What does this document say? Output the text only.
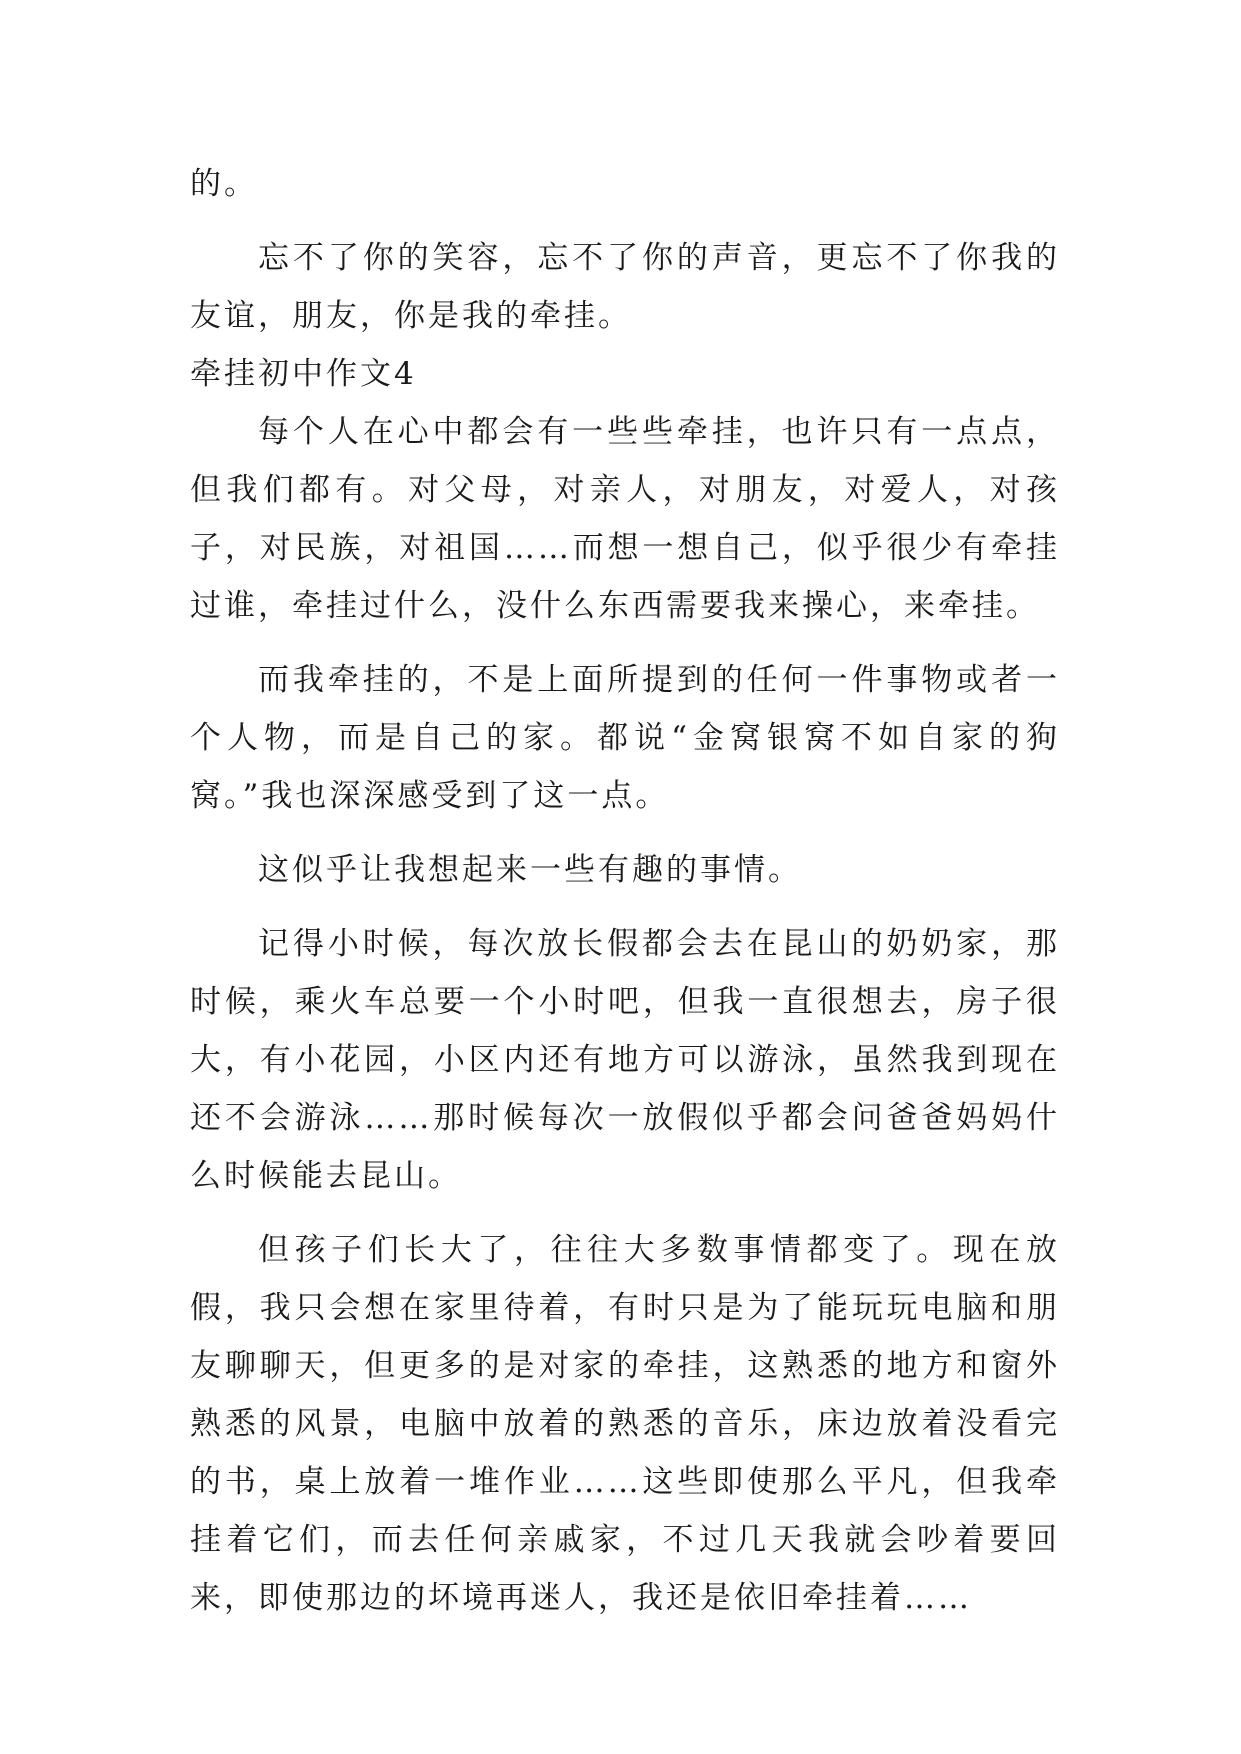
的。

忘不了你的笑容，忘不了你的声音，更忘不了你我的友谊，朋友，你是我的牵挂。

牵挂初中作文4

每个人在心中都会有一些些牵挂，也许只有一点点，但我们都有。对父母，对亲人，对朋友，对爱人，对孩子，对民族，对祖国……而想一想自己，似乎很少有牵挂过谁，牵挂过什么，没什么东西需要我来操心，来牵挂。

而我牵挂的，不是上面所提到的任何一件事物或者一个人物，而是自己的家。都说“金窝银窝不如自家的狗窝。”我也深深感受到了这一点。

这似乎让我想起来一些有趣的事情。

记得小时候，每次放长假都会去在昆山的奶奶家，那时候，乘火车总要一个小时吧，但我一直很想去，房子很大，有小花园，小区内还有地方可以游泳，虽然我到现在还不会游泳……那时候每次一放假似乎都会问爸爸妈妈什么时候能去昆山。

但孩子们长大了，往往大多数事情都变了。现在放假，我只会想在家里待着，有时只是为了能玩玩电脑和朋友聊聊天，但更多的是对家的牵挂，这熟悉的地方和窗外熟悉的风景，电脑中放着的熟悉的音乐，床边放着没看完的书，桌上放着一堆作业……这些即使那么平凡，但我牵挂着它们，而去任何亲戚家，不过几天我就会吵着要回来，即使那边的坏境再迷人，我还是依旧牵挂着……
